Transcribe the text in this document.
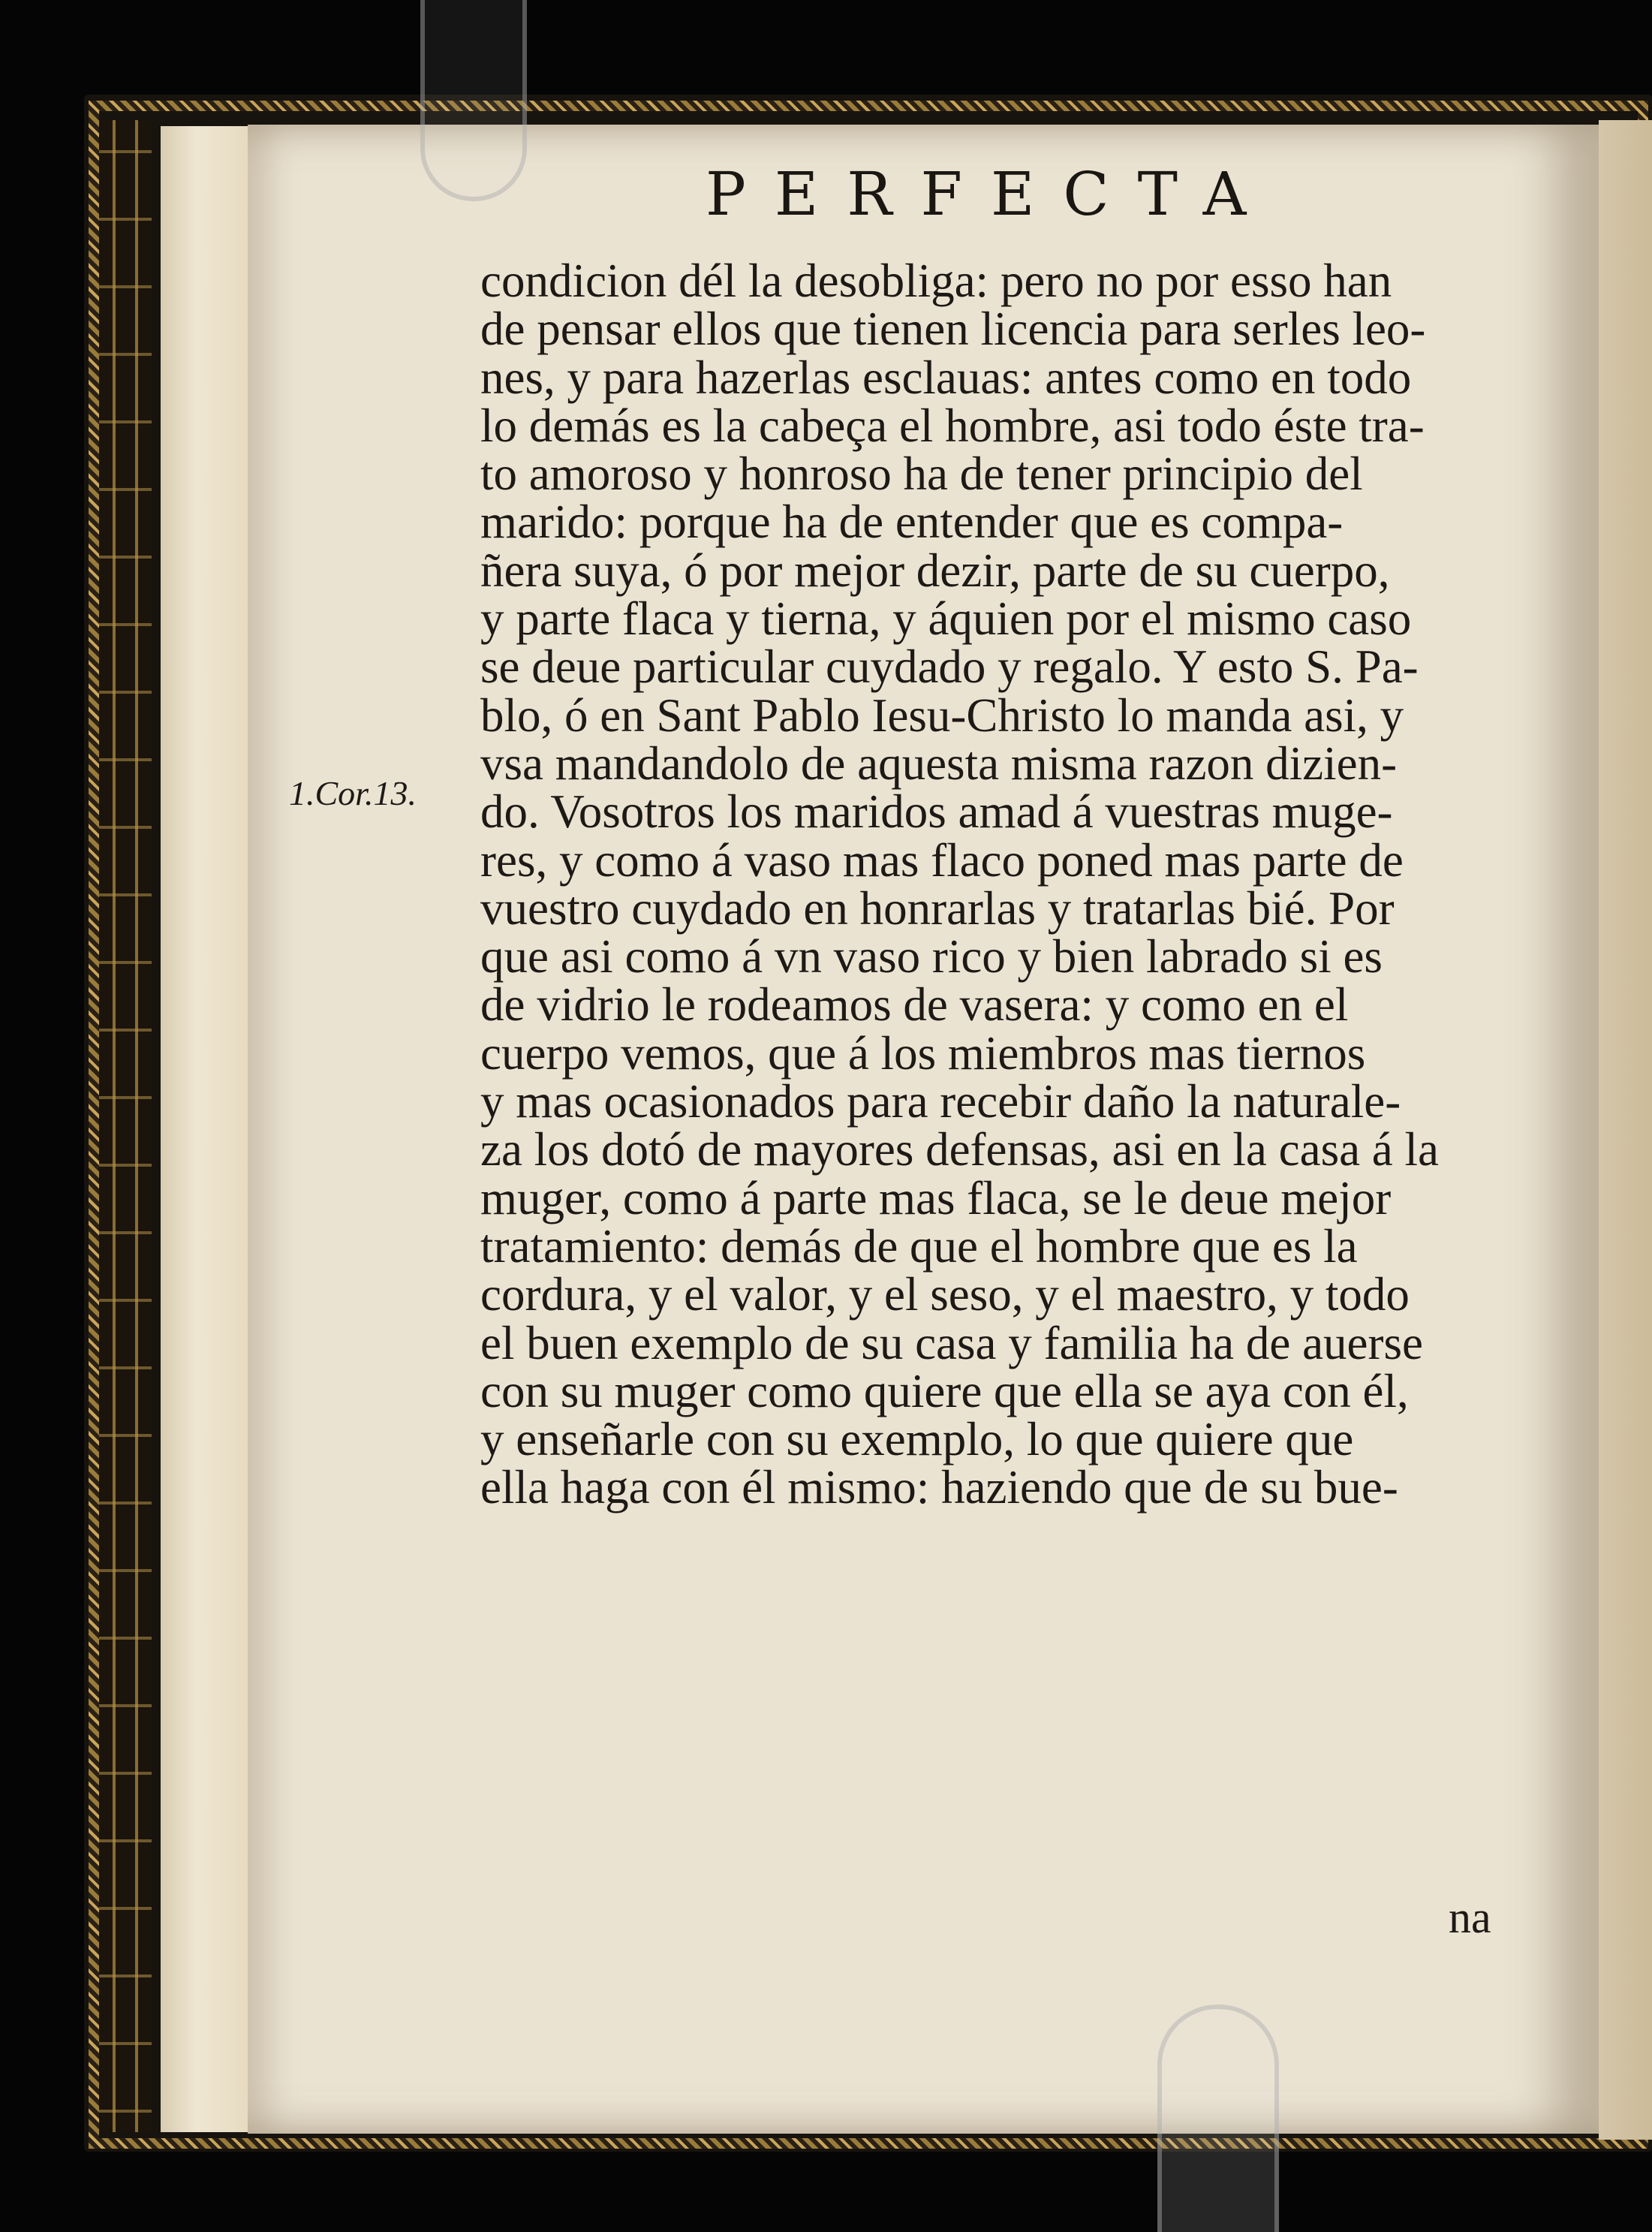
PERFECTA
1.Cor.13.
condicion dél la desobliga: pero no por esso han
de pensar ellos que tienen licencia para serles leo-
nes, y para hazerlas esclauas: antes como en todo
lo demás es la cabeça el hombre, asi todo éste tra-
to amoroso y honroso ha de tener principio del
marido: porque ha de entender que es compa-
ñera suya, ó por mejor dezir, parte de su cuerpo,
y parte flaca y tierna, y áquien por el mismo caso
se deue particular cuydado y regalo. Y esto S. Pa-
blo, ó en Sant Pablo Iesu-Christo lo manda asi, y
vsa mandandolo de aquesta misma razon dizien-
do. Vosotros los maridos amad á vuestras muge-
res, y como á vaso mas flaco poned mas parte de
vuestro cuydado en honrarlas y tratarlas bié. Por
que asi como á vn vaso rico y bien labrado si es
de vidrio le rodeamos de vasera: y como en el
cuerpo vemos, que á los miembros mas tiernos
y mas ocasionados para recebir daño la naturale-
za los dotó de mayores defensas, asi en la casa á la
muger, como á parte mas flaca, se le deue mejor
tratamiento: demás de que el hombre que es la
cordura, y el valor, y el seso, y el maestro, y todo
el buen exemplo de su casa y familia ha de auerse
con su muger como quiere que ella se aya con él,
y enseñarle con su exemplo, lo que quiere que
ella haga con él mismo: haziendo que de su bue-
na
